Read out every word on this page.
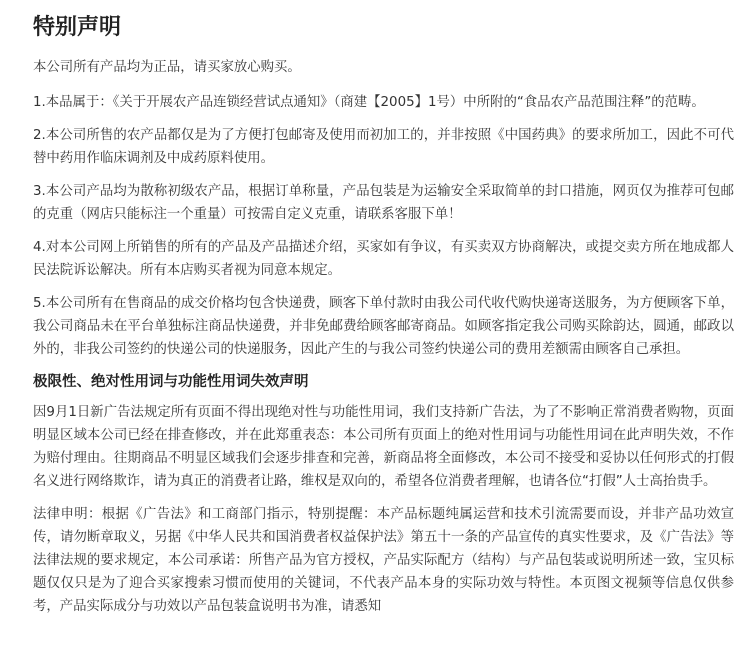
特别声明

本公司所有产品均为正品，请买家放心购买。

1.本品属于：《关于开展农产品连锁经营试点通知》（商建【2005】1号）中所附的“食品农产品范围注释”的范畴。

2.本公司所售的农产品都仅是为了方便打包邮寄及使用而初加工的，并非按照《中国药典》的要求所加工，因此不可代替中药用作临床调剂及中成药原料使用。

3.本公司产品均为散称初级农产品，根据订单称量，产品包装是为运输安全采取简单的封口措施，网页仅为推荐可包邮的克重（网店只能标注一个重量）可按需自定义克重，请联系客服下单！

4.对本公司网上所销售的所有的产品及产品描述介绍，买家如有争议，有买卖双方协商解决，或提交卖方所在地成都人民法院诉讼解决。所有本店购买者视为同意本规定。

5.本公司所有在售商品的成交价格均包含快递费，顾客下单付款时由我公司代收代购快递寄送服务，为方便顾客下单，我公司商品未在平台单独标注商品快递费，并非免邮费给顾客邮寄商品。如顾客指定我公司购买除韵达，圆通，邮政以外的，非我公司签约的快递公司的快递服务，因此产生的与我公司签约快递公司的费用差额需由顾客自己承担。

极限性、绝对性用词与功能性用词失效声明

因9月1日新广告法规定所有页面不得出现绝对性与功能性用词，我们支持新广告法，为了不影响正常消费者购物，页面明显区域本公司已经在排查修改，并在此郑重表态：本公司所有页面上的绝对性用词与功能性用词在此声明失效，不作为赔付理由。往期商品不明显区域我们会逐步排查和完善，新商品将全面修改，本公司不接受和妥协以任何形式的打假名义进行网络欺诈，请为真正的消费者让路，维权是双向的，希望各位消费者理解，也请各位“打假”人士高抬贵手。

法律申明：根据《广告法》和工商部门指示，特别提醒：本产品标题纯属运营和技术引流需要而设，并非产品功效宣传，请勿断章取义，另据《中华人民共和国消费者权益保护法》第五十一条的产品宣传的真实性要求，及《广告法》等法律法规的要求规定，本公司承诺：所售产品为官方授权，产品实际配方（结构）与产品包装或说明所述一致，宝贝标题仅仅只是为了迎合买家搜索习惯而使用的关键词，不代表产品本身的实际功效与特性。本页图文视频等信息仅供参考，产品实际成分与功效以产品包装盒说明书为准，请悉知
